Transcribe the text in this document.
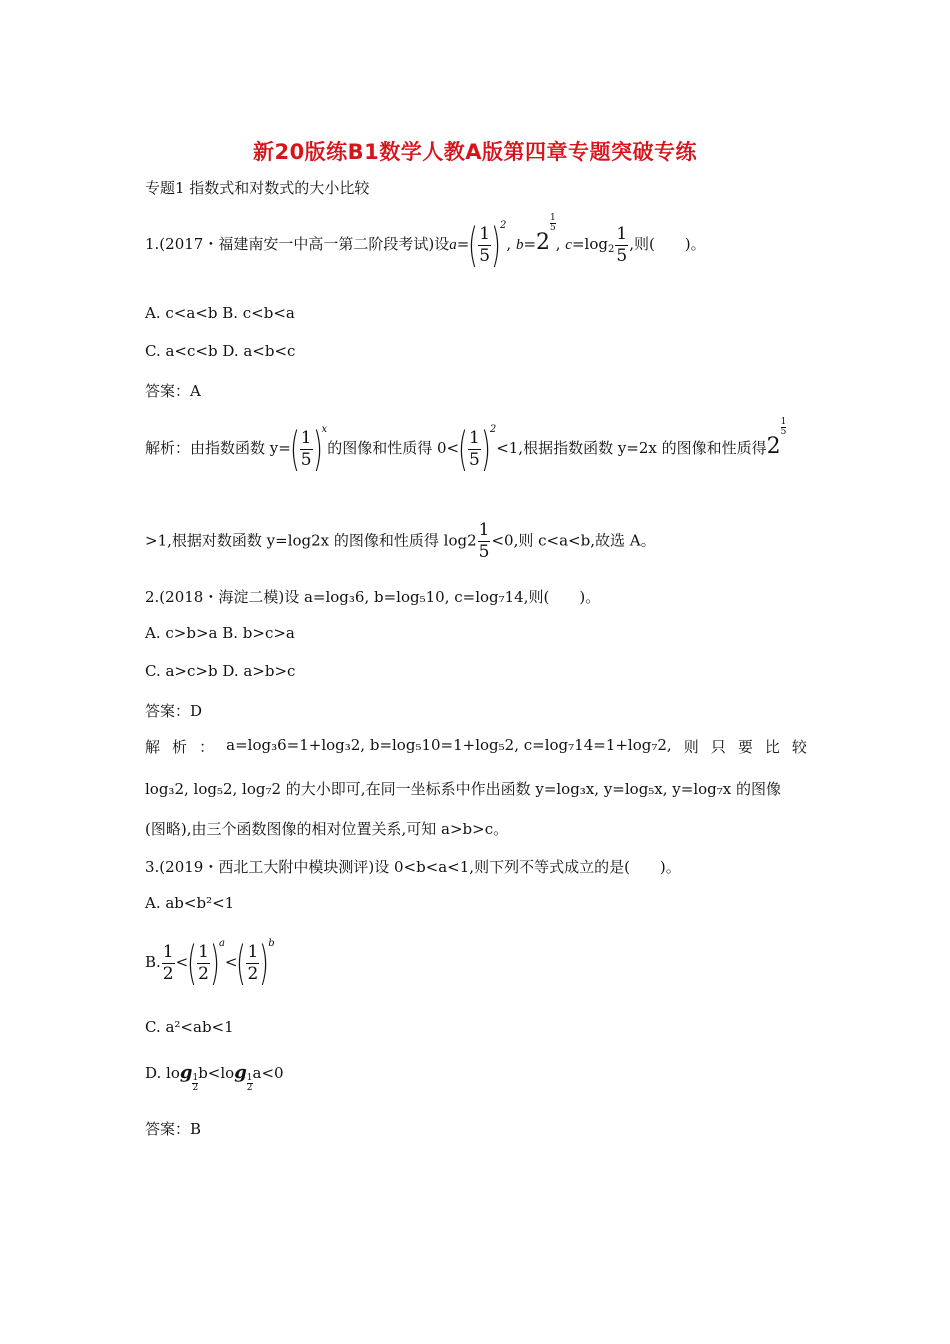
新20版练B1数学人教A版第四章专题突破专练
专题1 指数式和对数式的大小比较
1.(2017・福建南安一中高一第二阶段考试)设$a=( \frac{1}{5} )2$, b=2
$\frac{1}{5}$
, $c=\log_2 \frac{1}{5}$ ,则(　　)。
A. c<a<b B. c<b<a
C. a<c<b D. a<b<c
答案：A
解析：由指数函数 $y=( \frac{1}{5} )x$的图像和性质得 $0<( \frac{1}{5} )2<1$,根据指数函数 y=2x 的图像和性质得2
$\frac{1}{5}$
>1,根据对数函数 y=log2x 的图像和性质得 $\log 2 \frac{1}{5} <0$,则 c<a<b,故选 A。
2.(2018・海淀二模)设 a=log₃6, b=log₅10, c=log₇14,则(　　)。
A. c>b>a B. b>c>a
C. a>c>b D. a>b>c
答案：D
解 析 ： a=log₃6=1+log₃2, b=log₅10=1+log₅2, c=log₇14=1+log₇2, 则 只 要 比 较
log₃2, log₅2, log₇2 的大小即可,在同一坐标系中作出函数 y=log₃x, y=log₅x, y=log₇x 的图像
(图略),由三个函数图像的相对位置关系,可知 a>b>c。
3.(2019・西北工大附中模块测评)设 0<b<a<1,则下列不等式成立的是(　　)。
A. ab<b²<1
B. $\frac{1}{2}$ <( $\frac{1}{2} )a<( \frac{1}{2} )b$
C. a²<ab<1
D. $\log\frac{1}{2}$
$b<\log\frac{1}{2}$
a<0
答案：B
